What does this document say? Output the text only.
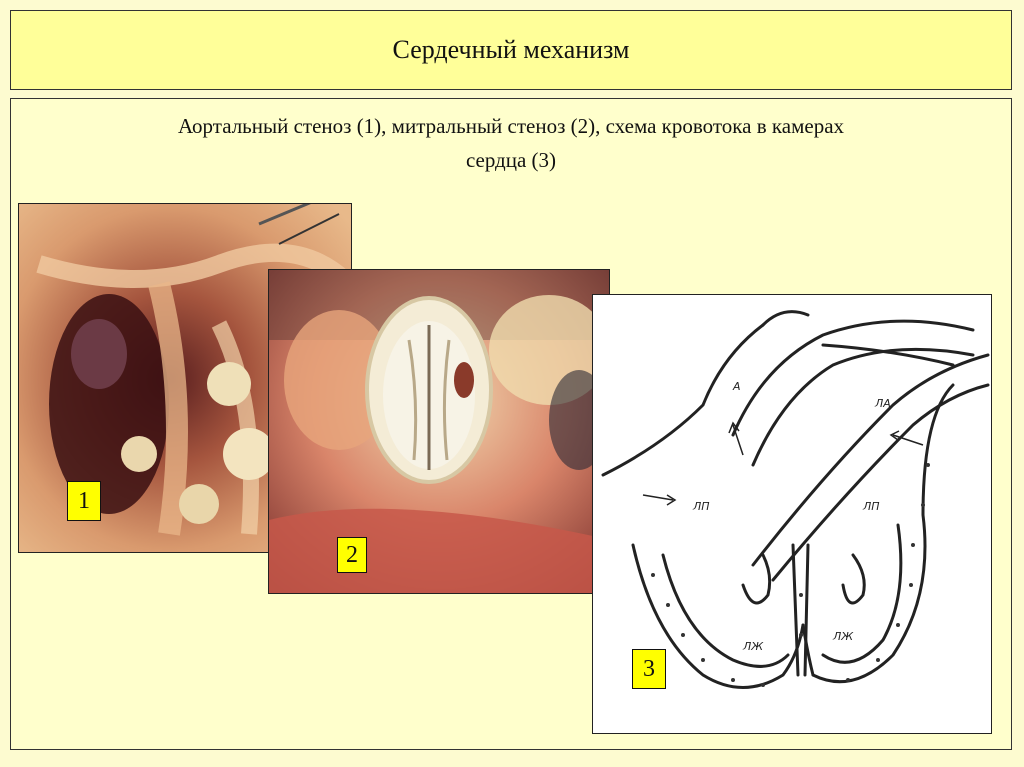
Сердечный механизм
Аортальный стеноз (1), митральный стеноз (2), схема кровотока в камерах
сердца (3)
А
ЛА
ЛП	ЛП
ЛЖ
ЛЖ
1
2
3
